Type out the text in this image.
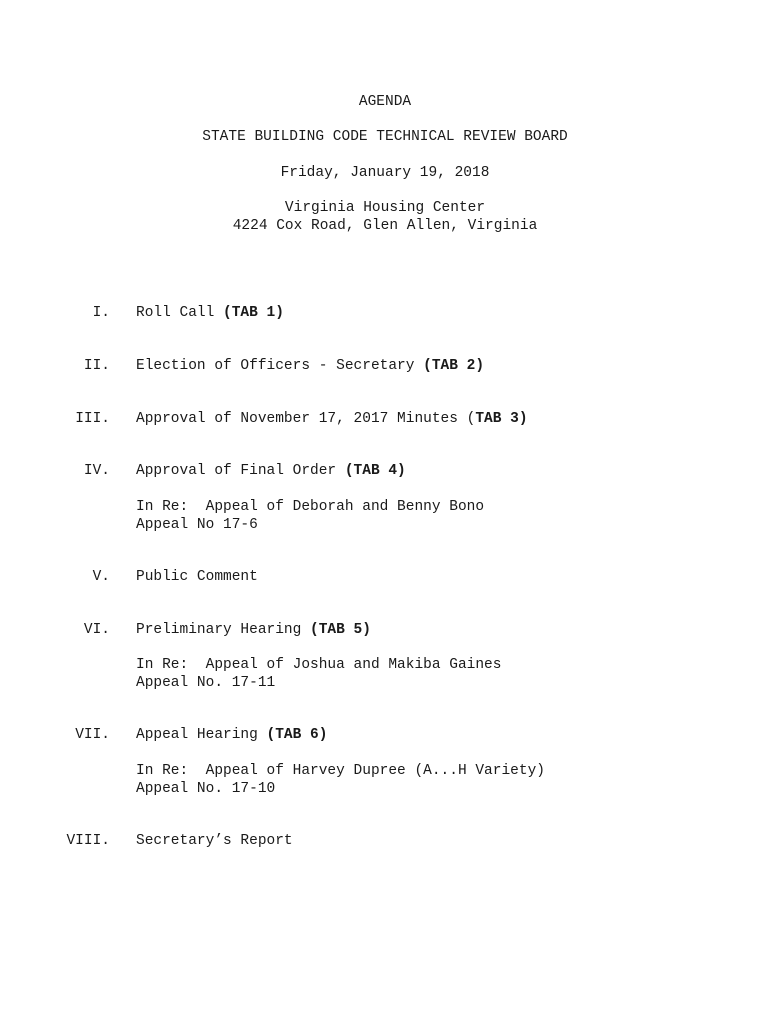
AGENDA
STATE BUILDING CODE TECHNICAL REVIEW BOARD
Friday, January 19, 2018
Virginia Housing Center
4224 Cox Road, Glen Allen, Virginia
I. Roll Call (TAB 1)
II. Election of Officers - Secretary (TAB 2)
III. Approval of November 17, 2017 Minutes (TAB 3)
IV. Approval of Final Order (TAB 4)
In Re:  Appeal of Deborah and Benny Bono
Appeal No 17-6
V. Public Comment
VI. Preliminary Hearing (TAB 5)
In Re:  Appeal of Joshua and Makiba Gaines
Appeal No. 17-11
VII. Appeal Hearing (TAB 6)
In Re:  Appeal of Harvey Dupree (A...H Variety)
Appeal No. 17-10
VIII. Secretary’s Report
